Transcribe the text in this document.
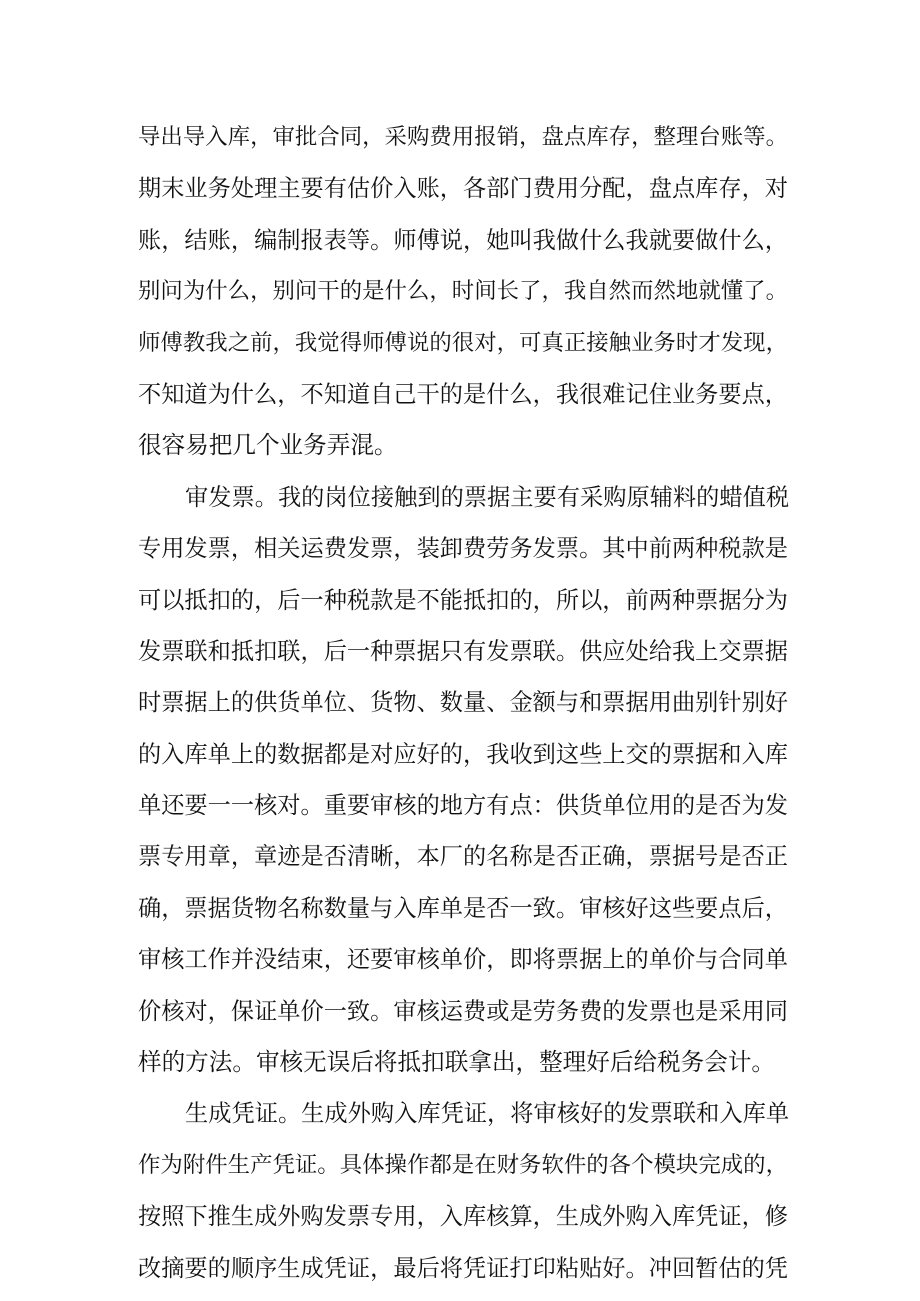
导出导入库，审批合同，采购费用报销，盘点库存，整理台账等。
期末业务处理主要有估价入账，各部门费用分配，盘点库存，对
账，结账，编制报表等。师傅说，她叫我做什么我就要做什么，
别问为什么，别问干的是什么，时间长了，我自然而然地就懂了。
师傅教我之前，我觉得师傅说的很对，可真正接触业务时才发现，
不知道为什么，不知道自己干的是什么，我很难记住业务要点，
很容易把几个业务弄混。
审发票。我的岗位接触到的票据主要有采购原辅料的蜡值税
专用发票，相关运费发票，装卸费劳务发票。其中前两种税款是
可以抵扣的，后一种税款是不能抵扣的，所以，前两种票据分为
发票联和抵扣联，后一种票据只有发票联。供应处给我上交票据
时票据上的供货单位、货物、数量、金额与和票据用曲别针别好
的入库单上的数据都是对应好的，我收到这些上交的票据和入库
单还要一一核对。重要审核的地方有点：供货单位用的是否为发
票专用章，章迹是否清晰，本厂的名称是否正确，票据号是否正
确，票据货物名称数量与入库单是否一致。审核好这些要点后，
审核工作并没结束，还要审核单价，即将票据上的单价与合同单
价核对，保证单价一致。审核运费或是劳务费的发票也是采用同
样的方法。审核无误后将抵扣联拿出，整理好后给税务会计。
生成凭证。生成外购入库凭证，将审核好的发票联和入库单
作为附件生产凭证。具体操作都是在财务软件的各个模块完成的，
按照下推生成外购发票专用，入库核算，生成外购入库凭证，修
改摘要的顺序生成凭证，最后将凭证打印粘贴好。冲回暂估的凭
